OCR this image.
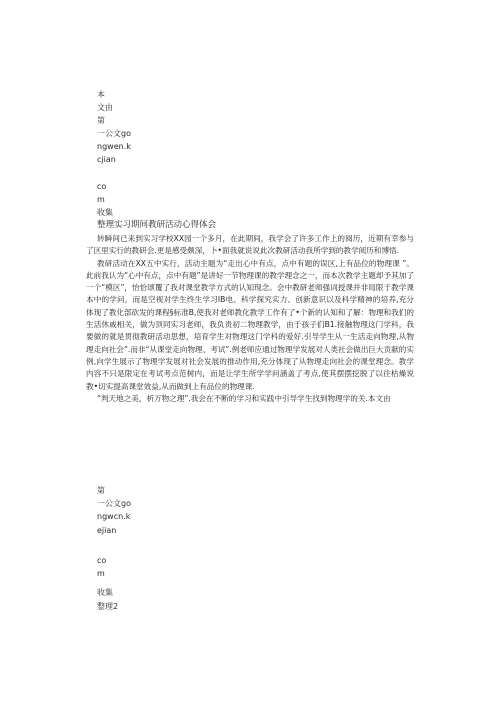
本
文由
第
一公文go
ngwen.k
cjian
co
m
收集
整理实习期间教研活动心得体会

转瞬间已来到实习学校XX园一个多月，在此期间，我学会了许多工作上的阅历，近期有幸参与了区里实行的教研会.更是感受颇深，卜•面我就说说此次教研活动我所学到的教学阅历和博悟.

教研活动在XX五中实行，活动主题为“走出心中有点，点中有题的误区,上有品位的物理课 ”。此前我认为“心中有点，点中有题”是讲好一节物理课的教学理念之一，而本次教学主题却予其加了一个“模区”，怡恰颂覆了我对课堂教学方式的认知现念。会中教研老师强词授课并非局限于教学课本中的学问，而是空视对学生终生学习IB电、科学探究实力、创新意识以及科学精神的培养,充分体现了教化部砍发的课程§标准B,使我对老师教化教学工作有了•个新的认知和了解：物理和我们的生活休戚相关，做为顶同实习老师，我负责初二物理教学，由于孩子们B1.接触物理这门学科，我要做的就是贯彻教研活动思想，培育学生对物理这门学科的爱好.引导学生从一生活走向物理,从物理走向社会”.而非“从课堂走向物理、考试”.例老师应通过物理学发展对人类社会做出巨大贡献的实例,向学生展示了物理学发展对社会发展的推动作用,充分体现了从物理走向社会的课堂理念。教学内容不只是限定在考试考点范树内，而是让学生所学学问涵盖了考点,使其摆摆挖脱了以往枯燥说教•切实提高课堂效益,从而做到上有品位的物理课.

“判天地之美，析万物之理”.我会在不断的学习和实践中引导学生找到物理学的关.本文由

第
一公文go
ngwcn.k
ejian
co
m
收集
整理2
